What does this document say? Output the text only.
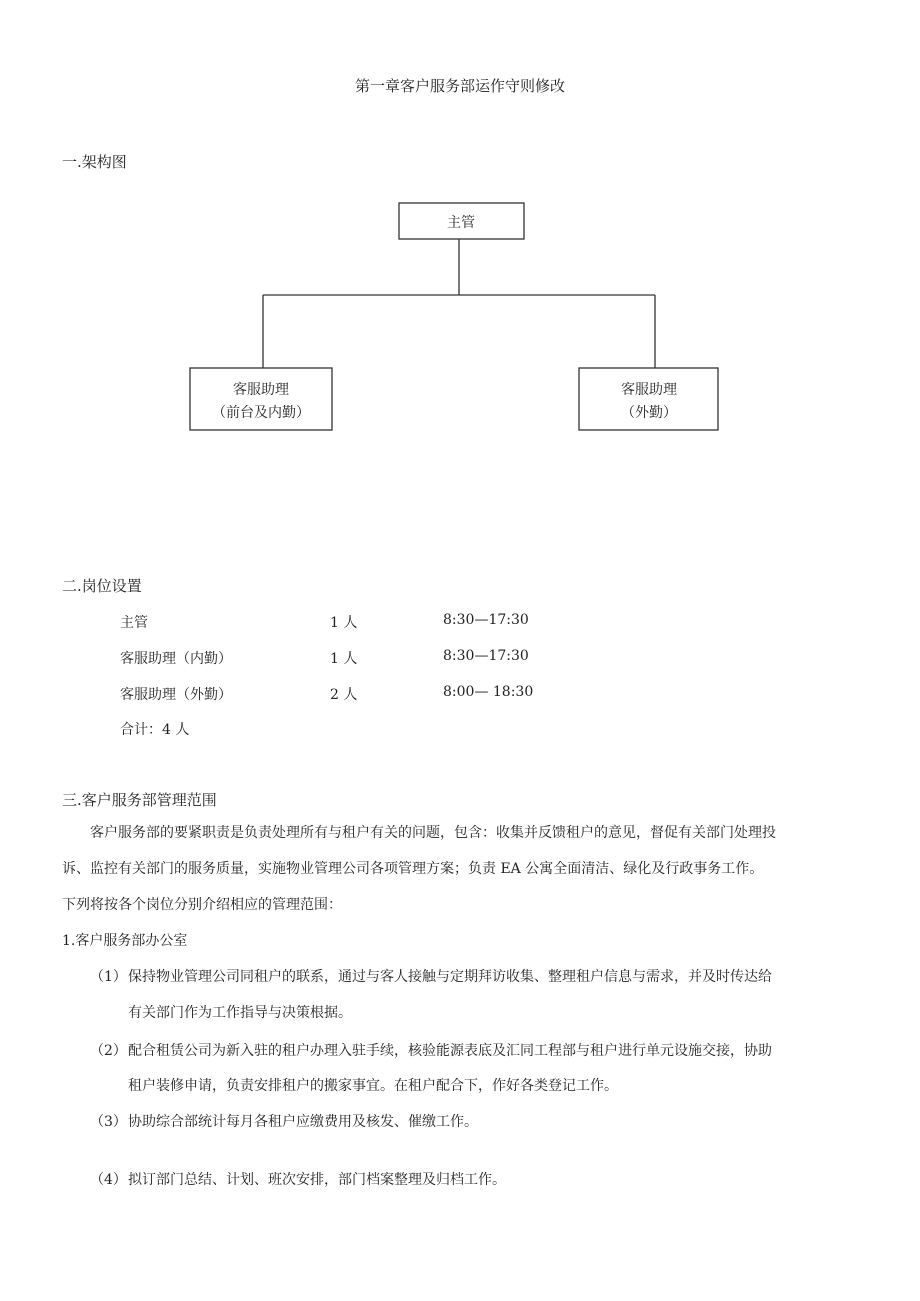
第一章客户服务部运作守则修改
一.架构图
主管
客服助理
（前台及内勤）
客服助理
（外勤）
二.岗位设置
主管	1 人	8:30—17:30
客服助理（内勤）	1 人	8:30—17:30
客服助理（外勤）	2 人	8:00— 18:30
合计：4 人
三.客户服务部管理范围
客户服务部的要紧职责是负责处理所有与租户有关的问题，包含：收集并反馈租户的意见，督促有关部门处理投
诉、监控有关部门的服务质量，实施物业管理公司各项管理方案；负责 EA 公寓全面清洁、绿化及行政事务工作。
下列将按各个岗位分别介绍相应的管理范围：
1.客户服务部办公室
（1） 保持物业管理公司同租户的联系，通过与客人接触与定期拜访收集、整理租户信息与需求，并及时传达给
有关部门作为工作指导与决策根据。
（2） 配合租赁公司为新入驻的租户办理入驻手续，核验能源表底及汇同工程部与租户进行单元设施交接，协助
租户装修申请，负责安排租户的搬家事宜。在租户配合下，作好各类登记工作。
（3） 协助综合部统计每月各租户应缴费用及核发、催缴工作。
（4） 拟订部门总结、计划、班次安排，部门档案整理及归档工作。
